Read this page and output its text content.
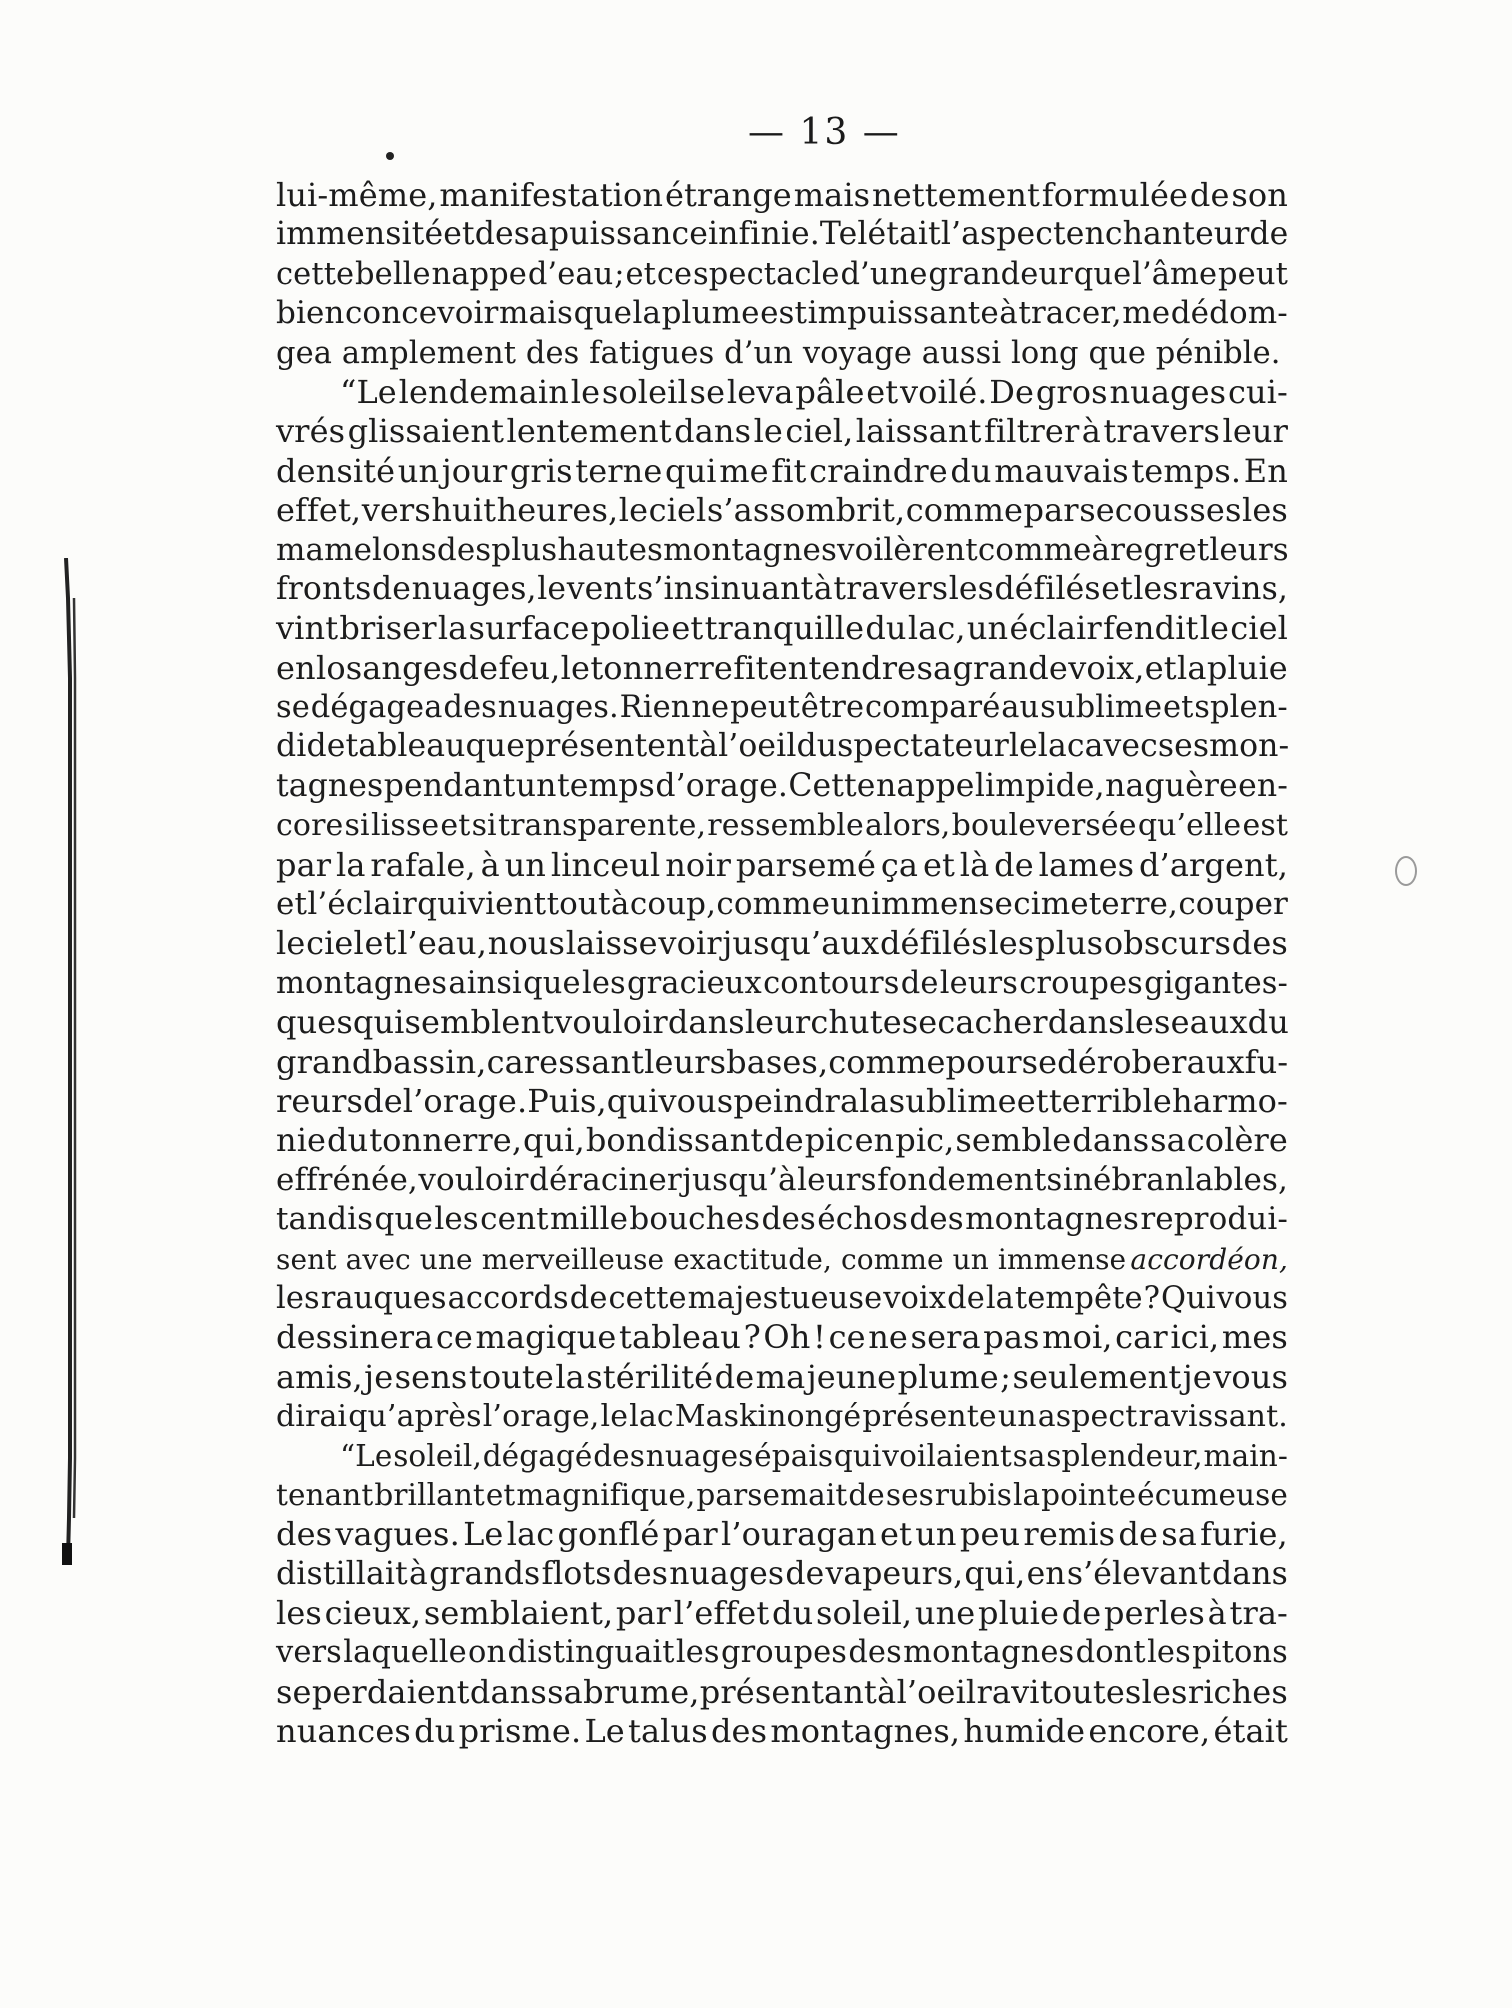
— 13 —
lui-même, manifestation étrange mais nettement formulée de son
immensité et de sa puissance infinie. Tel était l’aspect enchanteur de
cette belle nappe d’eau ; et ce spectacle d’une grandeur que l’âme peut
bien concevoir mais que la plume est impuissante à tracer, me dédom-
gea amplement des fatigues d’un voyage aussi long que pénible.
“Le lendemain le soleil se leva pâle et voilé. De gros nuages cui-
vrés glissaient lentement dans le ciel, laissant filtrer à travers leur
densité un jour gris terne qui me fit craindre du mauvais temps. En
effet, vers huit heures, le ciel s’assombrit, comme par secousses les
mamelons des plus hautes montagnes voilèrent comme à regret leurs
fronts de nuages, le vent s’insinuant à travers les défilés et les ravins,
vint briser la surface polie et tranquille du lac, un éclair fendit le ciel
en losanges de feu, le tonnerre fit entendre sa grande voix, et la pluie
se dégagea des nuages. Rien ne peut être comparé au sublime et splen-
dide tableau que présentent à l’oeil du spectateur le lac avec ses mon-
tagnes pendant un temps d’orage. Cette nappe limpide, naguère en-
core si lisse et si transparente, ressemble alors, bouleversée qu’elle est
par la rafale, à un linceul noir parsemé ça et là de lames d’argent,
et l’éclair qui vient tout à coup, comme un immense cimeterre, couper
le ciel et l’eau, nous laisse voir jusqu’aux défilés les plus obscurs des
montagnes ainsi que les gracieux contours de leurs croupes gigantes-
ques qui semblent vouloir dans leur chute se cacher dans les eaux du
grand bassin, caressant leurs bases, comme pour se dérober aux fu-
reurs de l’orage. Puis, qui vous peindra la sublime et terrible harmo-
nie du tonnerre, qui, bondissant de pic en pic, semble dans sa colère
effrénée, vouloir déraciner jusqu’à leurs fondements inébranlables,
tandis que les cent mille bouches des échos des montagnes reprodui-
sent avec une merveilleuse exactitude, comme un immense accordéon,
les rauques accords de cette majestueuse voix de la tempête ? Qui vous
dessinera ce magique tableau ? Oh ! ce ne sera pas moi, car ici, mes
amis, je sens toute la stérilité de ma jeune plume ; seulement je vous
dirai qu’après l’orage, le lac Maskinongé présente un aspect ravissant.
“Le soleil, dégagé des nuages épais qui voilaient sa splendeur, main-
tenant brillant et magnifique, parsemait de ses rubis la pointe écumeuse
des vagues. Le lac gonflé par l’ouragan et un peu remis de sa furie,
distillait à grands flots des nuages de vapeurs, qui, en s’élevant dans
les cieux, semblaient, par l’effet du soleil, une pluie de perles à tra-
vers laquelle on distinguait les groupes des montagnes dont les pitons
se perdaient dans sa brume, présentant à l’oeil ravi toutes les riches
nuances du prisme. Le talus des montagnes, humide encore, était
